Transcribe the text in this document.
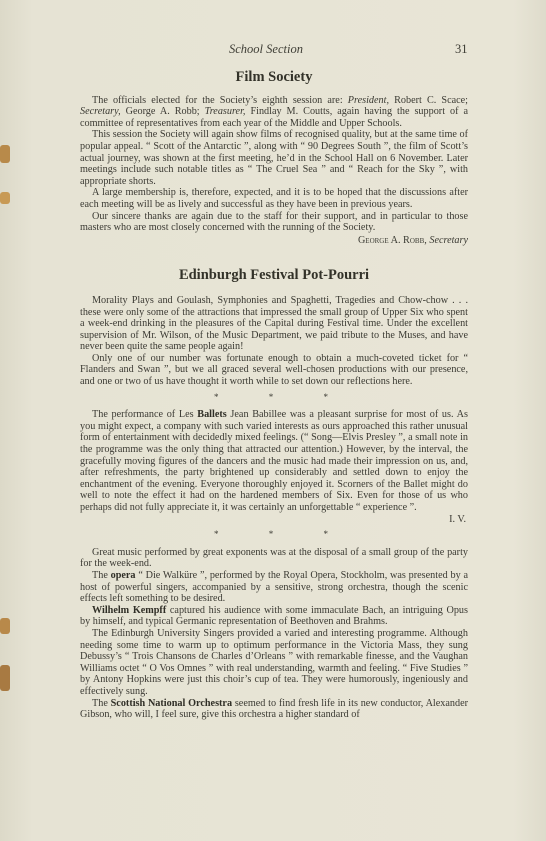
School Section	31
Film Society

The officials elected for the Society’s eighth session are: President, Robert C. Scace; Secretary, George A. Robb; Treasurer, Findlay M. Coutts, again having the support of a committee of representatives from each year of the Middle and Upper Schools.

This session the Society will again show films of recognised quality, but at the same time of popular appeal. “ Scott of the Antarctic ”, along with “ 90 Degrees South ”, the film of Scott’s actual journey, was shown at the first meeting, he’d in the School Hall on 6 November. Later meetings include such notable titles as “ The Cruel Sea ” and “ Reach for the Sky ”, with appropriate shorts.

A large membership is, therefore, expected, and it is to be hoped that the discussions after each meeting will be as lively and successful as they have been in previous years.

Our sincere thanks are again due to the staff for their support, and in particular to those masters who are most closely concerned with the running of the Society.

George A. Robb, Secretary
Edinburgh Festival Pot-Pourri

Morality Plays and Goulash, Symphonies and Spaghetti, Tragedies and Chow-chow . . . these were only some of the attractions that impressed the small group of Upper Six who spent a week-end drinking in the pleasures of the Capital during Festival time. Under the excellent supervision of Mr. Wilson, of the Music Department, we paid tribute to the Muses, and have never been quite the same people again!

Only one of our number was fortunate enough to obtain a much-coveted ticket for “ Flanders and Swan ”, but we all graced several well-chosen productions with our presence, and one or two of us have thought it worth while to set down our reflections here.

* * *

The performance of Les Ballets Jean Babillee was a pleasant surprise for most of us. As you might expect, a company with such varied interests as ours approached this rather unusual form of entertainment with decidedly mixed feelings. (“ Song—Elvis Presley ”, a small note in the programme was the only thing that attracted our attention.) However, by the interval, the gracefully moving figures of the dancers and the music had made their impression on us, and, after refreshments, the party brightened up considerably and settled down to enjoy the enchantment of the evening. Everyone thoroughly enjoyed it. Scorners of the Ballet might do well to note the effect it had on the hardened members of Six. Even for those of us who perhaps did not fully appreciate it, it was certainly an unforgettable “ experience ”.

I. V.
* * *

Great music performed by great exponents was at the disposal of a small group of the party for the week-end.

The opera “ Die Walküre ”, performed by the Royal Opera, Stockholm, was presented by a host of powerful singers, accompanied by a sensitive, strong orchestra, though the scenic effects left something to be desired.

Wilhelm Kempff captured his audience with some immaculate Bach, an intriguing Opus by himself, and typical Germanic representation of Beethoven and Brahms.

The Edinburgh University Singers provided a varied and interesting programme. Although needing some time to warm up to optimum performance in the Victoria Mass, they sung Debussy’s “ Trois Chansons de Charles d’Orleans ” with remarkable finesse, and the Vaughan Williams octet “ O Vos Omnes ” with real understanding, warmth and feeling. “ Five Studies ” by Antony Hopkins were just this choir’s cup of tea. They were humorously, ingeniously and effectively sung.

The Scottish National Orchestra seemed to find fresh life in its new conductor, Alexander Gibson, who will, I feel sure, give this orchestra a higher standard of
